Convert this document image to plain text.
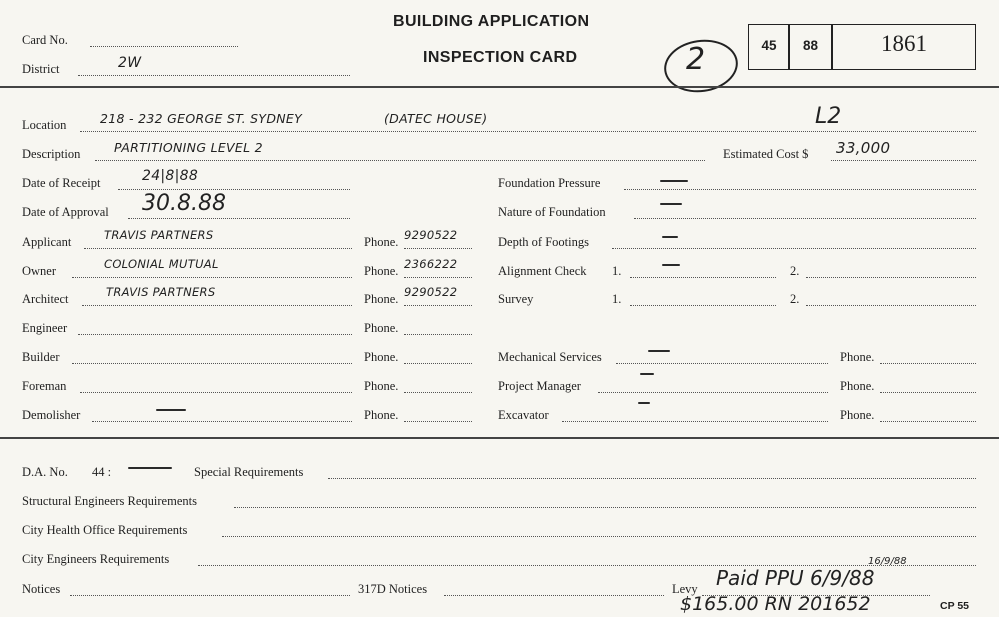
Card No.
District	2W
BUILDING APPLICATION
INSPECTION CARD	2	45	88	1861
Location	218 - 232 GEORGE ST. SYDNEY	(DATEC HOUSE)	L2
Description	PARTITIONING LEVEL 2	Estimated Cost $ 33,000
Date of Receipt	24|8|88
Date of Approval 30.8.88
Applicant	TRAVIS PARTNERS	Phone. 9290522
Owner	COLONIAL MUTUAL	Phone. 2366222
Architect	TRAVIS PARTNERS	Phone. 9290522
Engineer	Phone.
Builder	Phone.
Foreman	Phone.
Demolisher	Phone.
Foundation Pressure
Nature of Foundation
Depth of Footings
Alignment Check 1.	2.
Survey	1.	2.
Mechanical Services	Phone.
Project Manager	Phone.
Excavator	Phone.
D.A. No. 44 :	Special Requirements
Structural Engineers Requirements
City Health Office Requirements
City Engineers Requirements
Notices	317D Notices	Levy
16/9/88
Paid PPU 6/9/88
$165.00 RN 201652	CP 55
